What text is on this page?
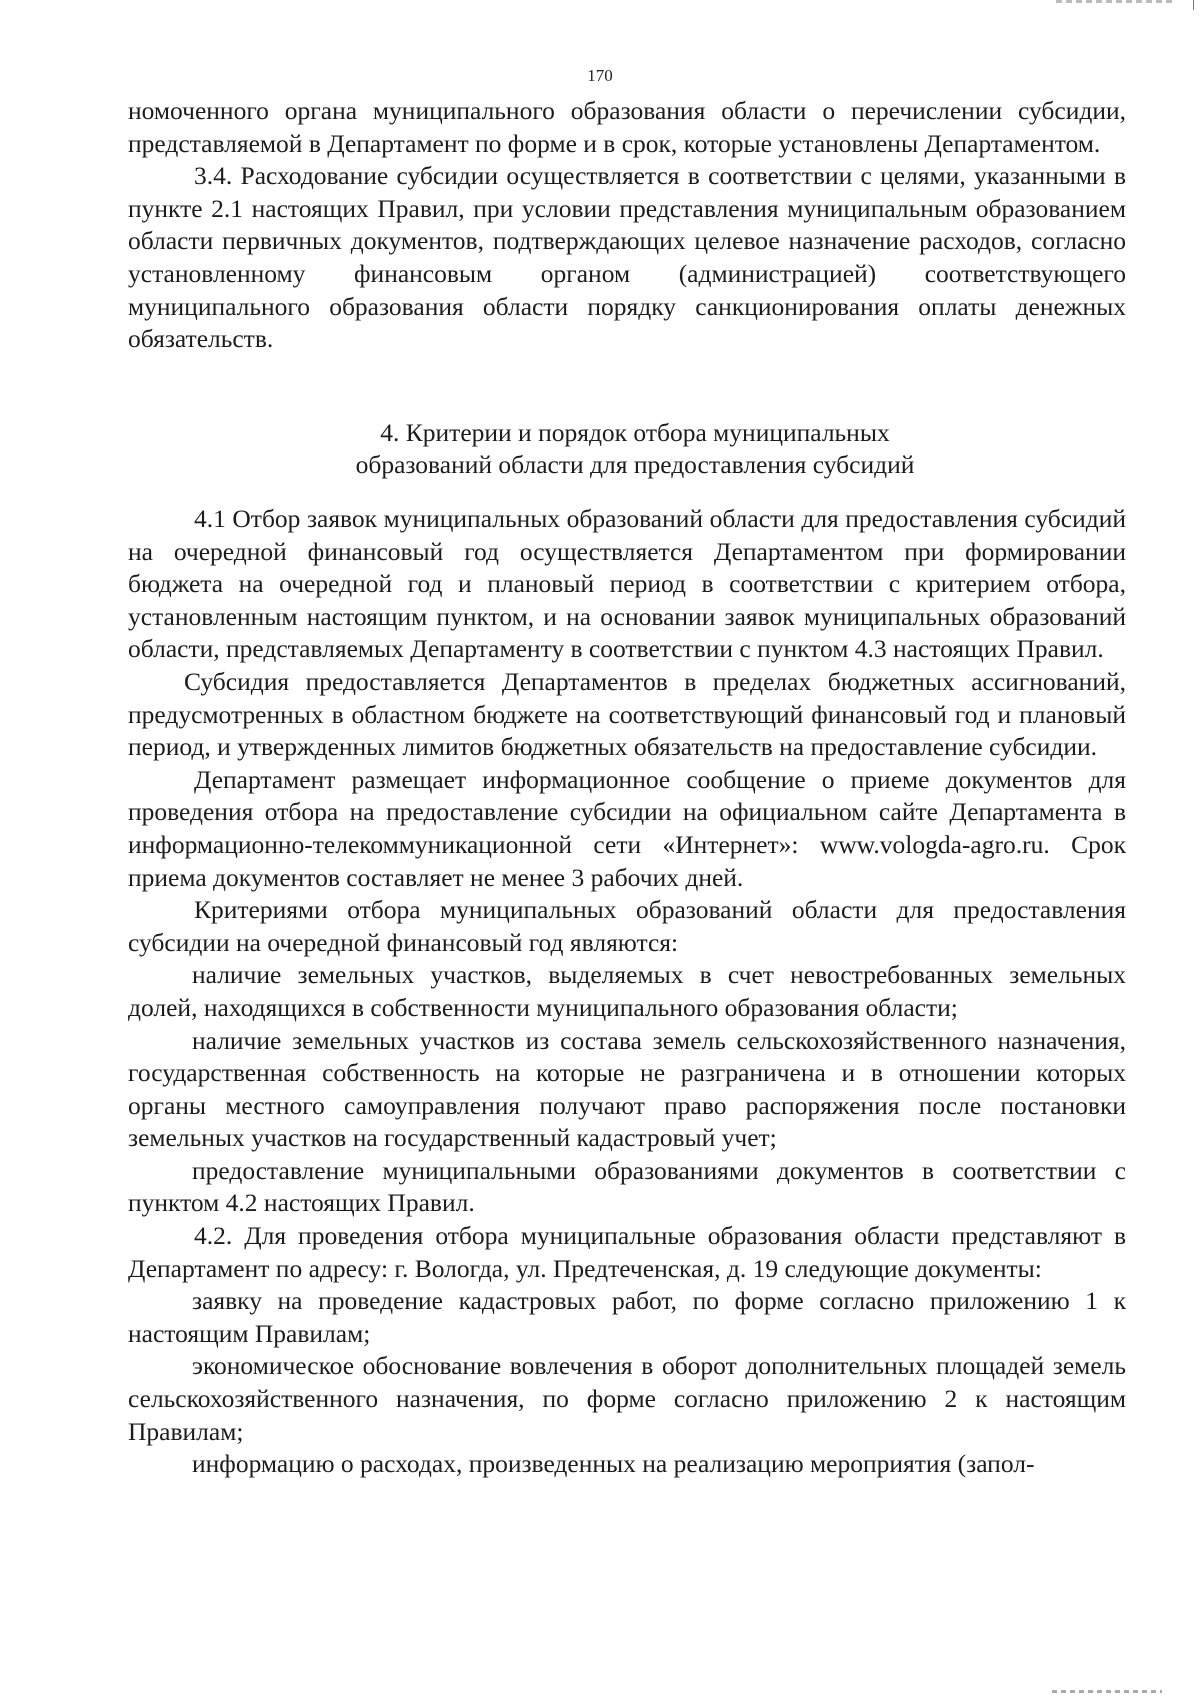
170

номоченного органа муниципального образования области о перечислении субсидии, представляемой в Департамент по форме и в срок, которые установлены Департаментом.

3.4. Расходование субсидии осуществляется в соответствии с целями, указанными в пункте 2.1 настоящих Правил, при условии представления муниципальным образованием области первичных документов, подтверждающих целевое назначение расходов, согласно установленному финансовым органом (администрацией) соответствующего муниципального образования области порядку санкционирования оплаты денежных обязательств.

4. Критерии и порядок отбора муниципальных
образований области для предоставления субсидий

4.1 Отбор заявок муниципальных образований области для предоставления субсидий на очередной финансовый год осуществляется Департаментом при формировании бюджета на очередной год и плановый период в соответствии с критерием отбора, установленным настоящим пунктом, и на основании заявок муниципальных образований области, представляемых Департаменту в соответствии с пунктом 4.3 настоящих Правил.

Субсидия предоставляется Департаментов в пределах бюджетных ассигнований, предусмотренных в областном бюджете на соответствующий финансовый год и плановый период, и утвержденных лимитов бюджетных обязательств на предоставление субсидии.

Департамент размещает информационное сообщение о приеме документов для проведения отбора на предоставление субсидии на официальном сайте Департамента в информационно-телекоммуникационной сети «Интернет»: www.vologda-agro.ru. Срок приема документов составляет не менее 3 рабочих дней.

Критериями отбора муниципальных образований области для предоставления субсидии на очередной финансовый год являются:

наличие земельных участков, выделяемых в счет невостребованных земельных долей, находящихся в собственности муниципального образования области;

наличие земельных участков из состава земель сельскохозяйственного назначения, государственная собственность на которые не разграничена и в отношении которых органы местного самоуправления получают право распоряжения после постановки земельных участков на государственный кадастровый учет;

предоставление муниципальными образованиями документов в соответствии с пунктом 4.2 настоящих Правил.

4.2. Для проведения отбора муниципальные образования области представляют в Департамент по адресу: г. Вологда, ул. Предтеченская, д. 19 следующие документы:

заявку на проведение кадастровых работ, по форме согласно приложению 1 к настоящим Правилам;

экономическое обоснование вовлечения в оборот дополнительных площадей земель сельскохозяйственного назначения, по форме согласно приложению 2 к настоящим Правилам;

информацию о расходах, произведенных на реализацию мероприятия (запол-
